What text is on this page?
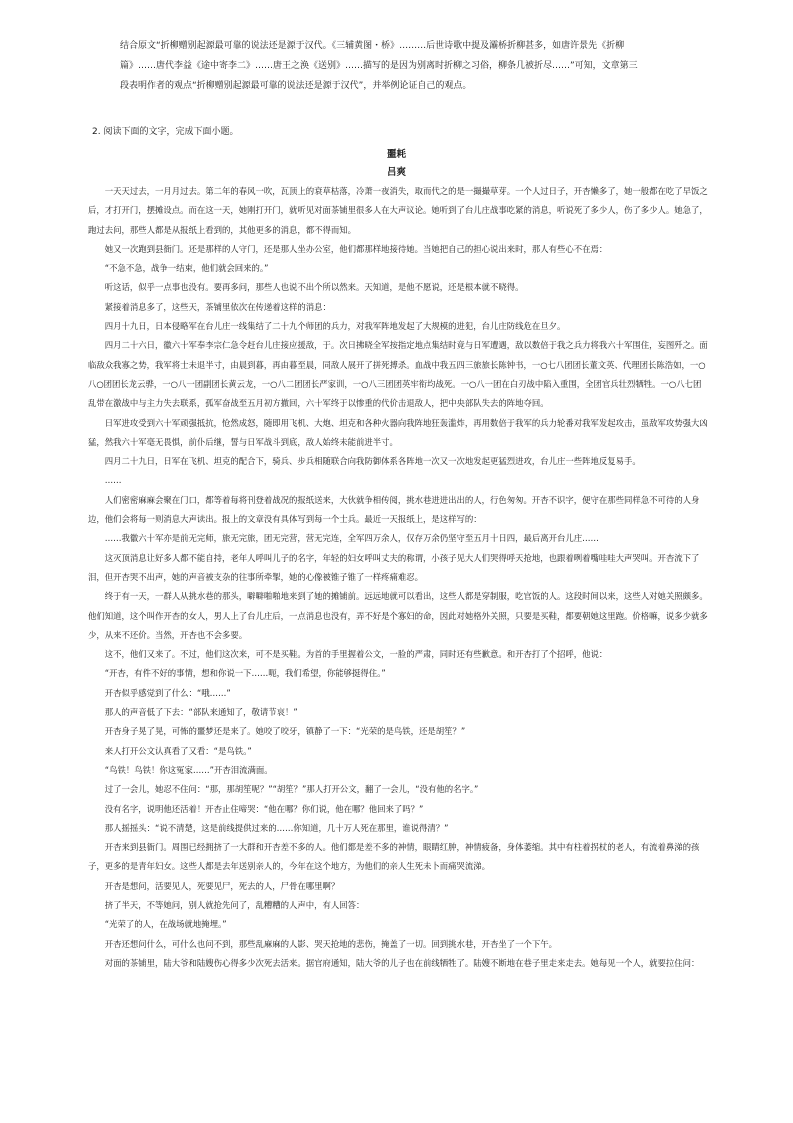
结合原文“折柳赠别起源最可靠的说法还是源于汉代。《三辅黄图・桥》………后世诗歌中提及灞桥折柳甚多，如唐许景先《折柳

篇》……唐代李益《途中寄李二》……唐王之涣《送别》……描写的是因为别离时折柳之习俗，柳条几被折尽……”可知，文章第三

段表明作者的观点“折柳赠别起源最可靠的说法还是源于汉代”，并举例论证自己的观点。

2. 阅读下面的文字，完成下面小题。
噩耗
吕爽

一天天过去，一月月过去。第二年的春风一吹，瓦顶上的衰草枯落，冷萧一夜消失，取而代之的是一撮撮草芽。一个人过日子，开杏懒多了，她一般都在吃了早饭之后，才打开门，摆摊设点。而在这一天，她刚打开门，就听见对面茶铺里很多人在大声议论。她听到了台儿庄战事吃紧的消息，听说死了多少人，伤了多少人。她急了，跑过去问，那些人都是从报纸上看到的，其他更多的消息，都不得而知。

她又一次跑到县衙门。还是那样的人守门，还是那人坐办公室，他们都那样地接待她。当她把自己的担心说出来时，那人有些心不在焉：

“不急不急，战争一结束，他们就会回来的。”

听这话，似乎一点事也没有。要再多问，那些人也说不出个所以然来。天知道，是他不愿说，还是根本就不晓得。

紧接着消息多了，这些天，茶铺里依次在传递着这样的消息：

四月十九日，日本侵略军在台儿庄一线集结了二十九个师团的兵力，对我军阵地发起了大规模的进犯，台儿庄防线危在旦夕。

四月二十六日，徽六十军奉李宗仁急令赶台儿庄接应援敌，于。次日拂晓全军按指定地点集结时竟与日军遭遇，敌以数倍于我之兵力将我六十军围住，妄图歼之。面临敌众我寡之势，我军将士未退半寸，由晨到暮，再由暮至晨，同敌人展开了拼死搏杀。血战中我五四三旅旅长陈钟书，一○七八团团长董文英、代理团长陈浩如，一○八○团团长龙云骅，一○八一团副团长黄云龙，一○八二团团长严家训，一○八三团团英牢衔均战死。一○八一团在白刃战中陷入重围，全团官兵壮烈牺牲。一○八七团乱带在激战中与主力失去联系，孤军奋战至五月初方撤回，六十军终于以惨重的代价击退敌人，把中央部队失去的阵地夺回。

日军进攻受到六十军顽强抵抗，怆然成怒，随即用飞机、大炮、坦克和各种火器向我阵地狂轰滥炸，再用数倍于我军的兵力轮番对我军发起攻击，虽敌军攻势强大凶猛，然我六十军毫无畏惧，前仆后继，誓与日军战斗到底，敌人始终未能前进半寸。

四月二十九日，日军在飞机、坦克的配合下，骑兵、步兵相随联合向我防御体系各阵地一次又一次地发起更猛烈进攻，台儿庄一些阵地反复易手。

……

人们密密麻麻会聚在门口，都等着每将刊登着战况的报纸送来，大伙就争相传阅，挑水巷进进出出的人，行色匆匆。开杏不识字，便守在那些同样急不可待的人身边，他们会将每一则消息大声读出。报上的文章没有具体写到每一个士兵。最近一天报纸上，是这样写的：

……我徽六十军亦是前无完师，旅无完旅，团无完营，营无完连，全军四万余人，仅存万余仍坚守至五月十日四，最后离开台儿庄……

这灭顶消息让好多人都不能自持，老年人呼叫儿子的名字，年轻的妇女呼叫丈夫的称谓，小孩子见大人们哭得呼天抢地，也跟着咧着嘴哇哇大声哭叫。开杏流下了泪，但开杏哭不出声，她的声音被支杂的往事所牵掣，她的心像被锥子锥了一样疼痛难忍。

终于有一天，一群人从挑水巷的那头，噼噼啪啪地来到了她的摊铺前。远远地就可以看出，这些人都是穿制服，吃官饭的人。这段时间以来，这些人对她关照颇多。他们知道，这个叫作开杏的女人，男人上了台儿庄后，一点消息也没有，弄不好是个寡妇的命，因此对她格外关照，只要是买鞋，都要朝她这里跑。价格嘛，说多少就多少，从来不还价。当然，开杏也不会多要。

这不，他们又来了。不过，他们这次来，可不是买鞋。为首的手里握着公文，一脸的严肃，同时还有些歉意。和开杏打了个招呼，他说：

“开杏，有件不好的事情，想和你说一下……呃，我们希望，你能够挺得住。”

开杏似乎感觉到了什么：“哦……”

那人的声音低了下去：“部队来通知了，敬请节哀！”

开杏身子晃了晃，可怖的噩梦还是来了。她咬了咬牙，镇静了一下：“光荣的是鸟铁，还是胡笙？”

来人打开公文认真看了又看：“是鸟铁。”

“鸟铁！鸟铁！你这冤家……”开杏泪流满面。

过了一会儿，她忍不住问：“那，那胡笙呢？”“胡笙？”那人打开公文，翻了一会儿，“没有他的名字。”

没有名字，说明他还活着！开杏止住啼哭：“他在哪？你们说，他在哪？他回来了吗？”

那人摇摇头：“说不清楚，这是前线提供过来的……你知道，几十万人死在那里，谁说得清？”

开杏来到县衙门。周围已经拥挤了一大群和开杏差不多的人。他们都是差不多的神情，眼睛红肿，神情疲备，身体萎缩。其中有柱着拐杖的老人，有流着鼻涕的孩子，更多的是青年妇女。这些人都是去年送别亲人的，今年在这个地方，为他们的亲人生死未卜而痛哭流涕。

开杏是想问，活要见人，死要见尸，死去的人，尸骨在哪里啊？

挤了半天，不等她问，别人就抢先问了，乱糟糟的人声中，有人回答：

“光荣了的人，在战场就地掩埋。”

开杏还想问什么，可什么也问不到，那些乱麻麻的人影、哭天抢地的悲伤，掩盖了一切。回到挑水巷，开杏坐了一个下午。

对面的茶铺里，陆大爷和陆嫂伤心得多少次死去活来。据官府通知，陆大爷的儿子也在前线牺牲了。陆嫂不断地在巷子里走来走去。她每见一个人，就要拉住问：
